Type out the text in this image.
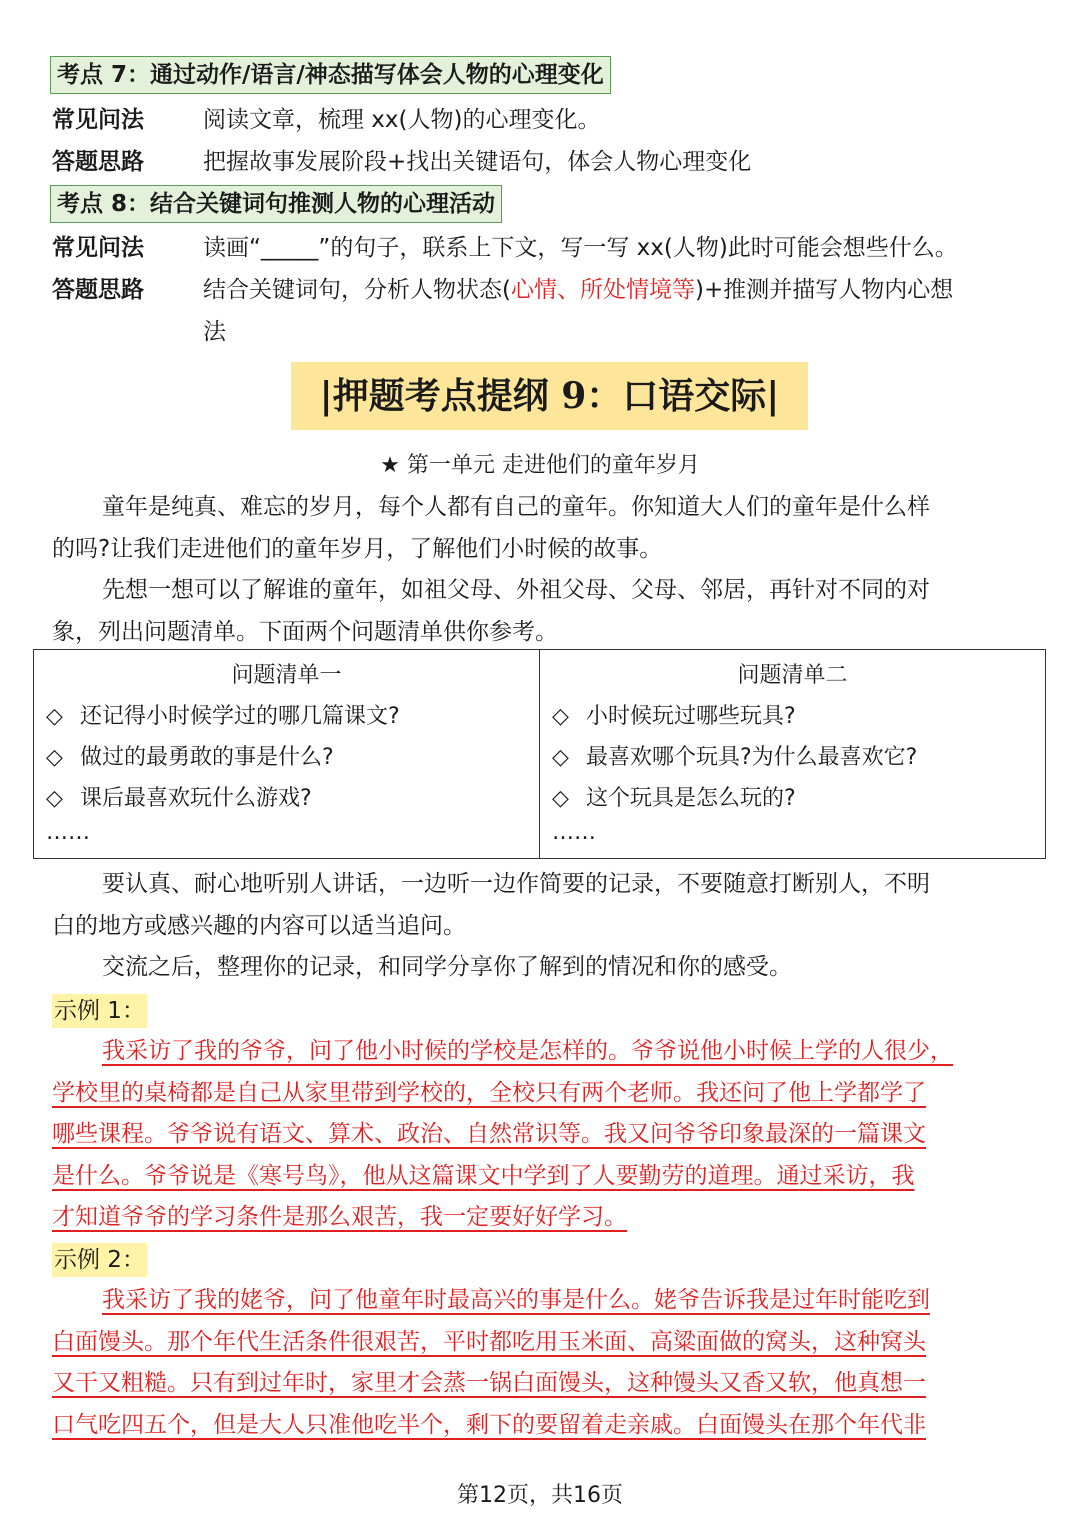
考点 7：通过动作/语言/神态描写体会人物的心理变化
常见问法	阅读文章，梳理 xx(人物)的心理变化。
答题思路	把握故事发展阶段+找出关键语句，体会人物心理变化
考点 8：结合关键词句推测人物的心理活动
常见问法	读画“_____”的句子，联系上下文，写一写 xx(人物)此时可能会想些什么。
答题思路	结合关键词句，分析人物状态(心情、所处情境等)+推测并描写人物内心想
法
|押题考点提纲 9：口语交际|
★ 第一单元 走进他们的童年岁月

童年是纯真、难忘的岁月，每个人都有自己的童年。你知道大人们的童年是什么样

的吗?让我们走进他们的童年岁月，了解他们小时候的故事。

先想一想可以了解谁的童年，如祖父母、外祖父母、父母、邻居，再针对不同的对

象，列出问题清单。下面两个问题清单供你参考。

问题清单一
◇ 还记得小时候学过的哪几篇课文?
◇ 做过的最勇敢的事是什么?
◇ 课后最喜欢玩什么游戏?
……

问题清单二
◇ 小时候玩过哪些玩具?
◇ 最喜欢哪个玩具?为什么最喜欢它?
◇ 这个玩具是怎么玩的?
……

要认真、耐心地听别人讲话，一边听一边作简要的记录，不要随意打断别人，不明

白的地方或感兴趣的内容可以适当追问。

交流之后，整理你的记录，和同学分享你了解到的情况和你的感受。

示例 1：

我采访了我的爷爷，问了他小时候的学校是怎样的。爷爷说他小时候上学的人很少，

学校里的桌椅都是自己从家里带到学校的，全校只有两个老师。我还问了他上学都学了

哪些课程。爷爷说有语文、算术、政治、自然常识等。我又问爷爷印象最深的一篇课文

是什么。爷爷说是《寒号鸟》，他从这篇课文中学到了人要勤劳的道理。通过采访，我

才知道爷爷的学习条件是那么艰苦，我一定要好好学习。

示例 2：

我采访了我的姥爷，问了他童年时最高兴的事是什么。姥爷告诉我是过年时能吃到

白面馒头。那个年代生活条件很艰苦，平时都吃用玉米面、高粱面做的窝头，这种窝头

又干又粗糙。只有到过年时，家里才会蒸一锅白面馒头，这种馒头又香又软，他真想一

口气吃四五个，但是大人只准他吃半个，剩下的要留着走亲戚。白面馒头在那个年代非

第12页，共16页
